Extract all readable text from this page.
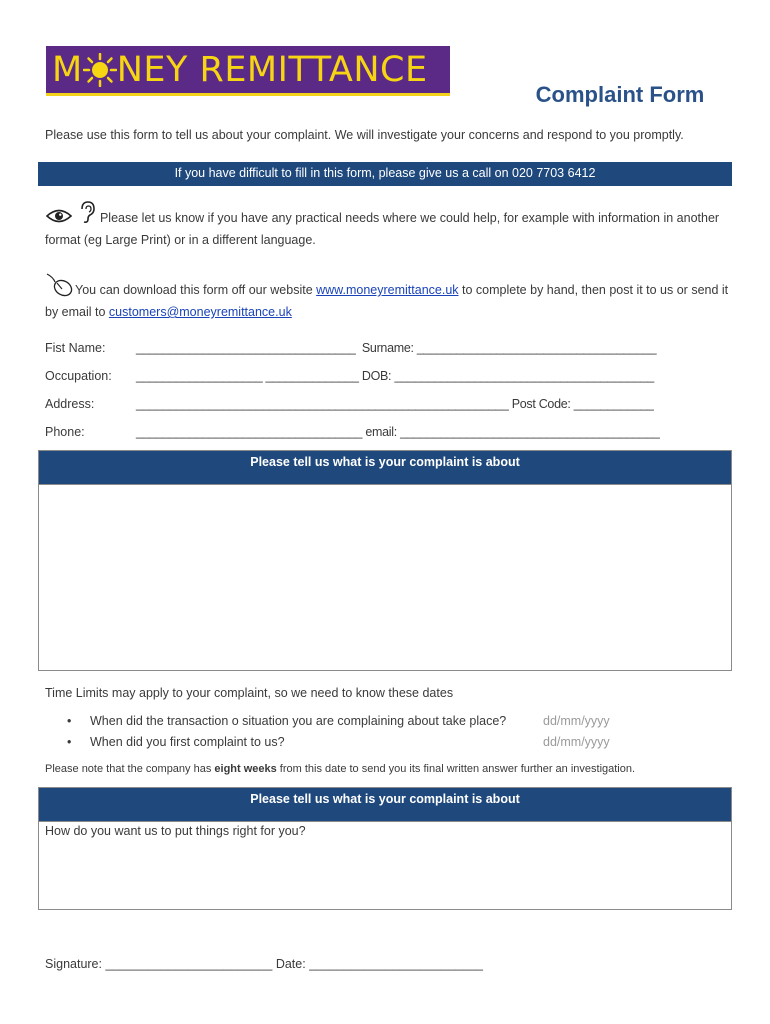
M NEY REMITTANCE
Complaint Form
Please use this form to tell us about your complaint. We will investigate your concerns and respond to you promptly.
If you have difficult to fill in this form, please give us a call on 020 7703 6412
Please let us know if you have any practical needs where we could help, for example with information in another format (eg Large Print) or in a different language.
You can download this form off our website www.moneyremittance.uk to complete by hand, then post it to us or send it by email to customers@moneyremittance.uk
Fist Name: _________________________________ Surname: ____________________________________
Occupation: ___________________ ______________ DOB: _______________________________________
Address:	________________________________________________________ Post Code: ____________
Phone:	__________________________________ email: _______________________________________
Please tell us what is your complaint is about
Time Limits may apply to your complaint, so we need to know these dates
• When did the transaction o situation you are complaining about take place?	dd/mm/yyyy
• When did you first complaint to us?	dd/mm/yyyy
Please note that the company has eight weeks from this date to send you its final written answer further an investigation.
Please tell us what is your complaint is about
How do you want us to put things right for you?
Signature: ________________________ Date: _________________________
